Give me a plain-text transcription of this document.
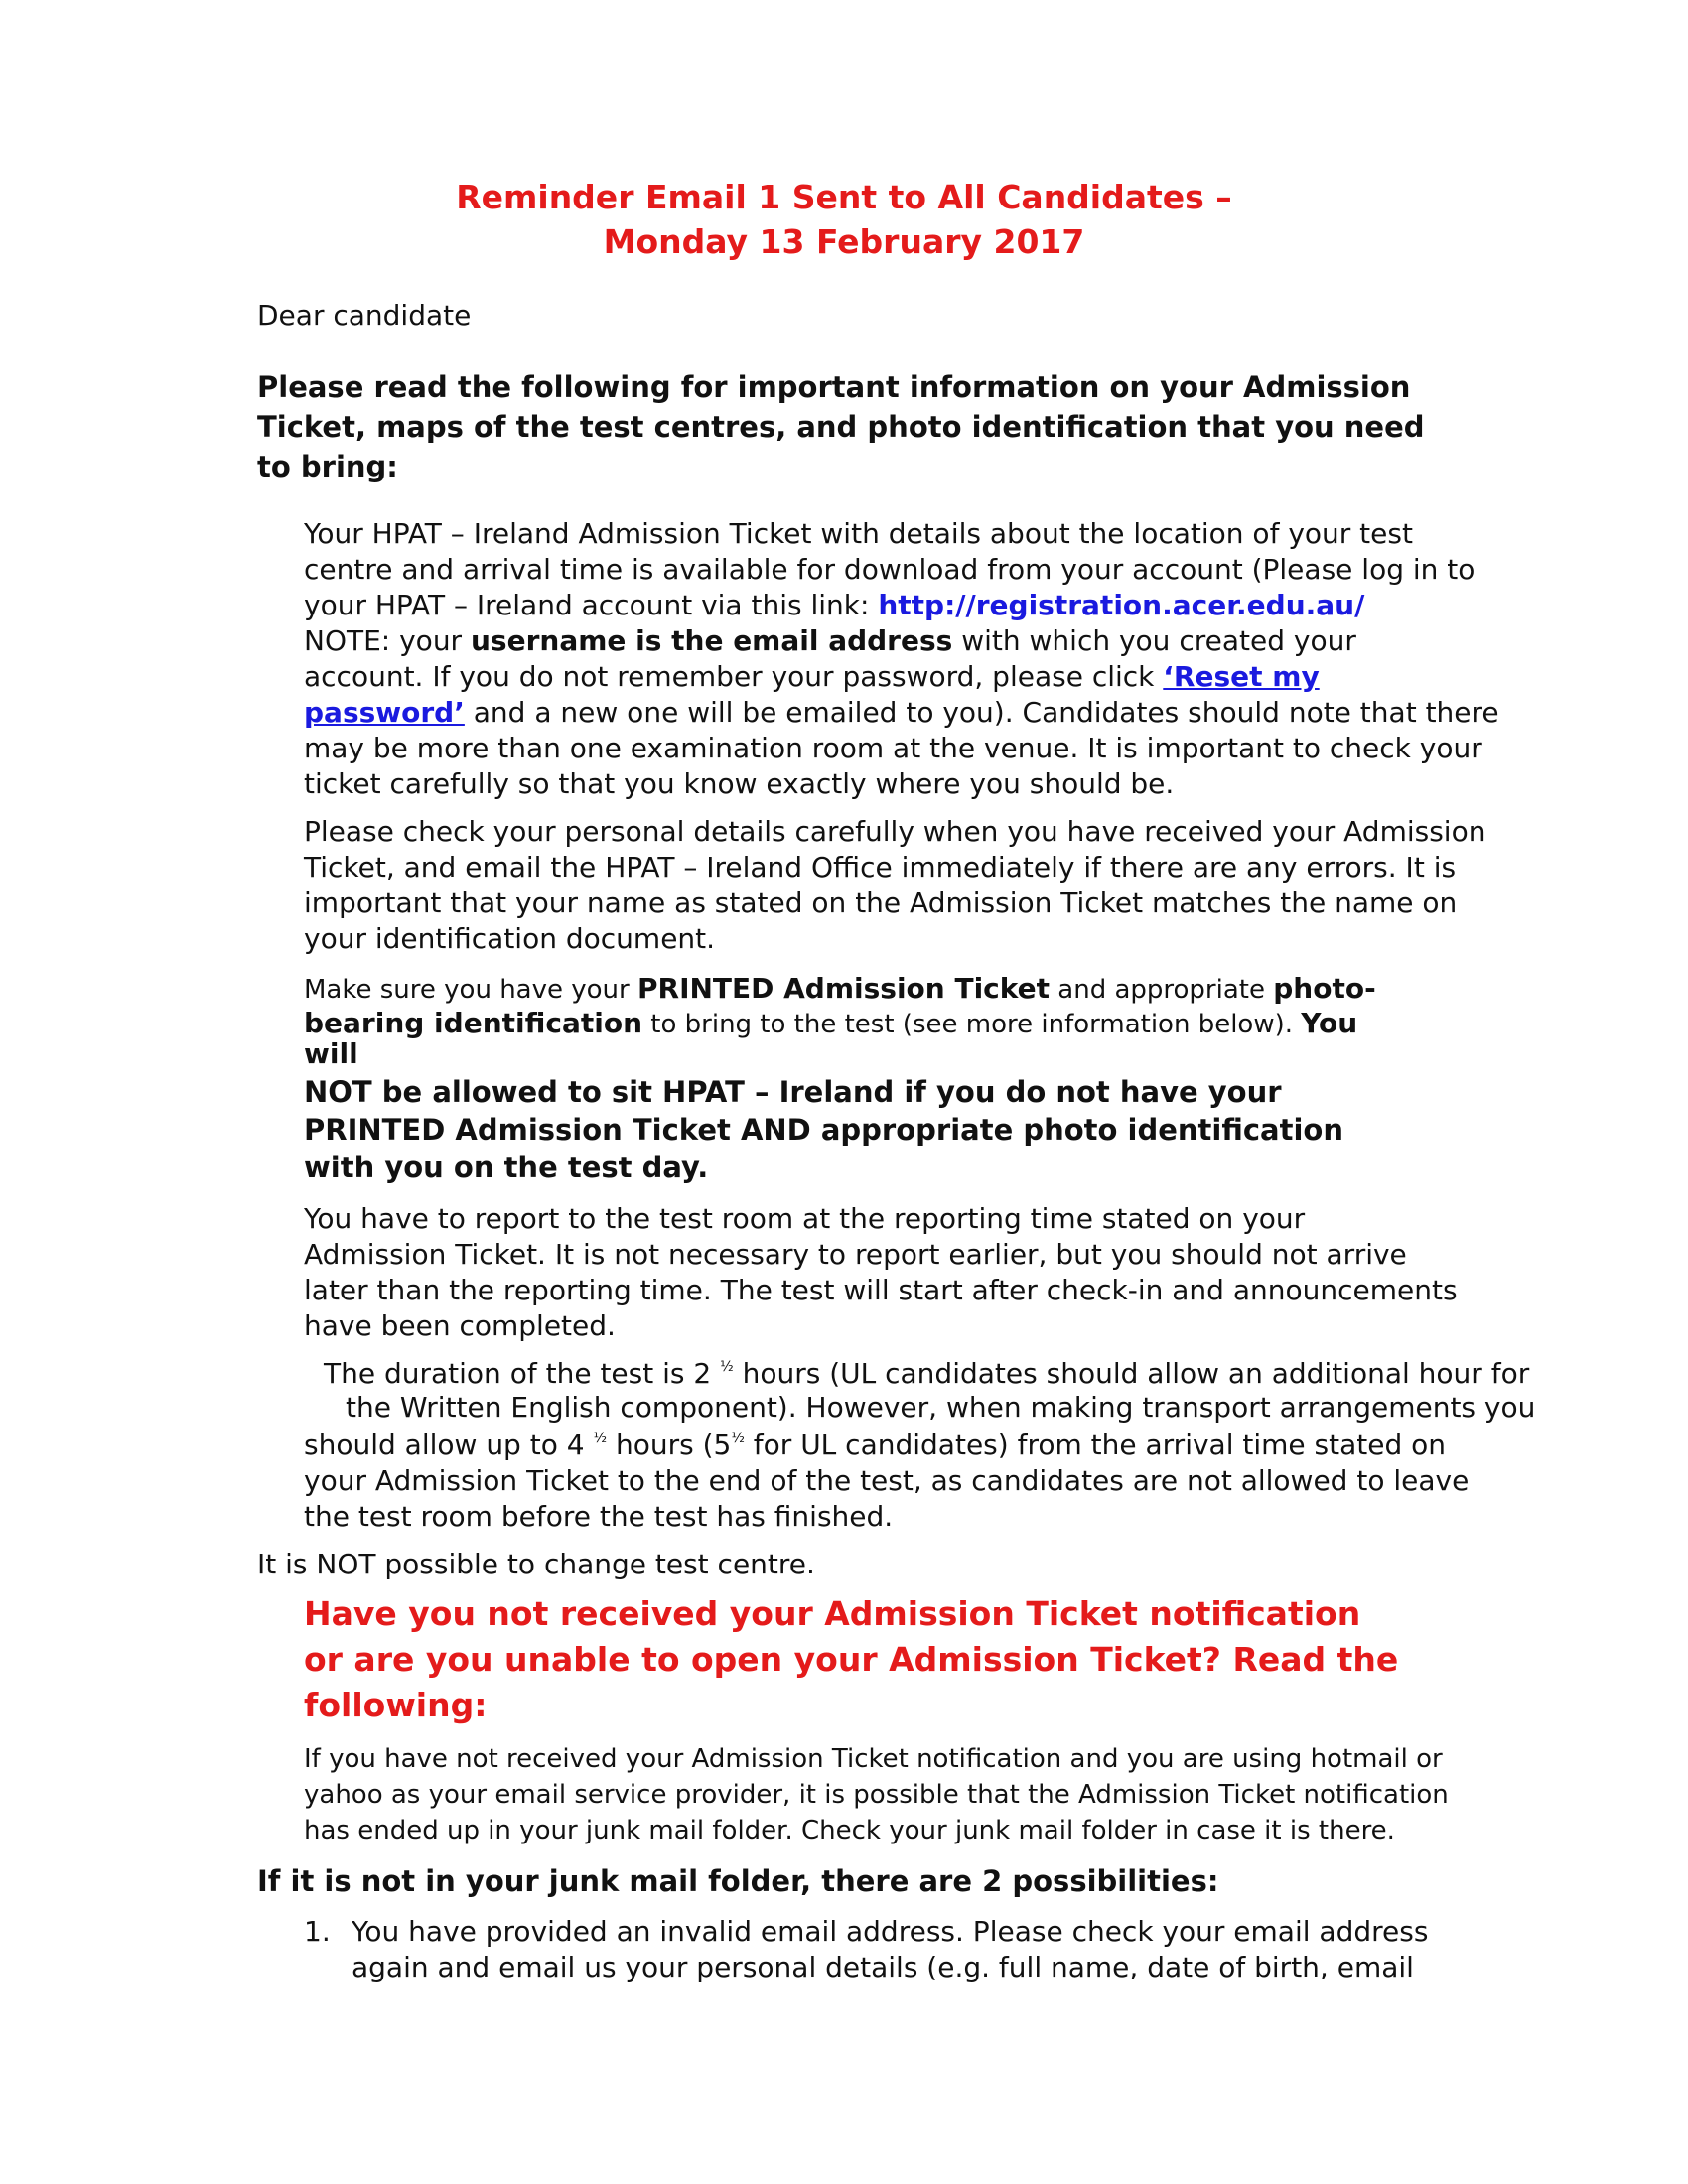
Reminder Email 1 Sent to All Candidates –
Monday 13 February 2017
Dear candidate
Please read the following for important information on your Admission
Ticket, maps of the test centres, and photo identification that you need
to bring:
Your HPAT – Ireland Admission Ticket with details about the location of your test
centre and arrival time is available for download from your account (Please log in to
your HPAT – Ireland account via this link: http://registration.acer.edu.au/
NOTE: your username is the email address with which you created your
account. If you do not remember your password, please click ‘Reset my
password’ and a new one will be emailed to you). Candidates should note that there
may be more than one examination room at the venue. It is important to check your
ticket carefully so that you know exactly where you should be.
Please check your personal details carefully when you have received your Admission
Ticket, and email the HPAT – Ireland Office immediately if there are any errors. It is
important that your name as stated on the Admission Ticket matches the name on
your identification document.
Make sure you have your PRINTED Admission Ticket and appropriate photo-
bearing identification to bring to the test (see more information below). You
will
NOT be allowed to sit HPAT – Ireland if you do not have your
PRINTED Admission Ticket AND appropriate photo identification
with you on the test day.
You have to report to the test room at the reporting time stated on your
Admission Ticket. It is not necessary to report earlier, but you should not arrive
later than the reporting time. The test will start after check-in and announcements
have been completed.
The duration of the test is 2 $^{\frac{1}{2}}$ hours (UL candidates should allow an additional hour for
the Written English component). However, when making transport arrangements you
should allow up to 4 $^{\frac{1}{2}}$ hours ($5^{\frac{1}{2}}$ for UL candidates) from the arrival time stated on
your Admission Ticket to the end of the test, as candidates are not allowed to leave
the test room before the test has finished.
It is NOT possible to change test centre.
Have you not received your Admission Ticket notification
or are you unable to open your Admission Ticket? Read the
following:
If you have not received your Admission Ticket notification and you are using hotmail or
yahoo as your email service provider, it is possible that the Admission Ticket notification
has ended up in your junk mail folder. Check your junk mail folder in case it is there.
If it is not in your junk mail folder, there are 2 possibilities:
1. You have provided an invalid email address. Please check your email address
again and email us your personal details (e.g. full name, date of birth, email
